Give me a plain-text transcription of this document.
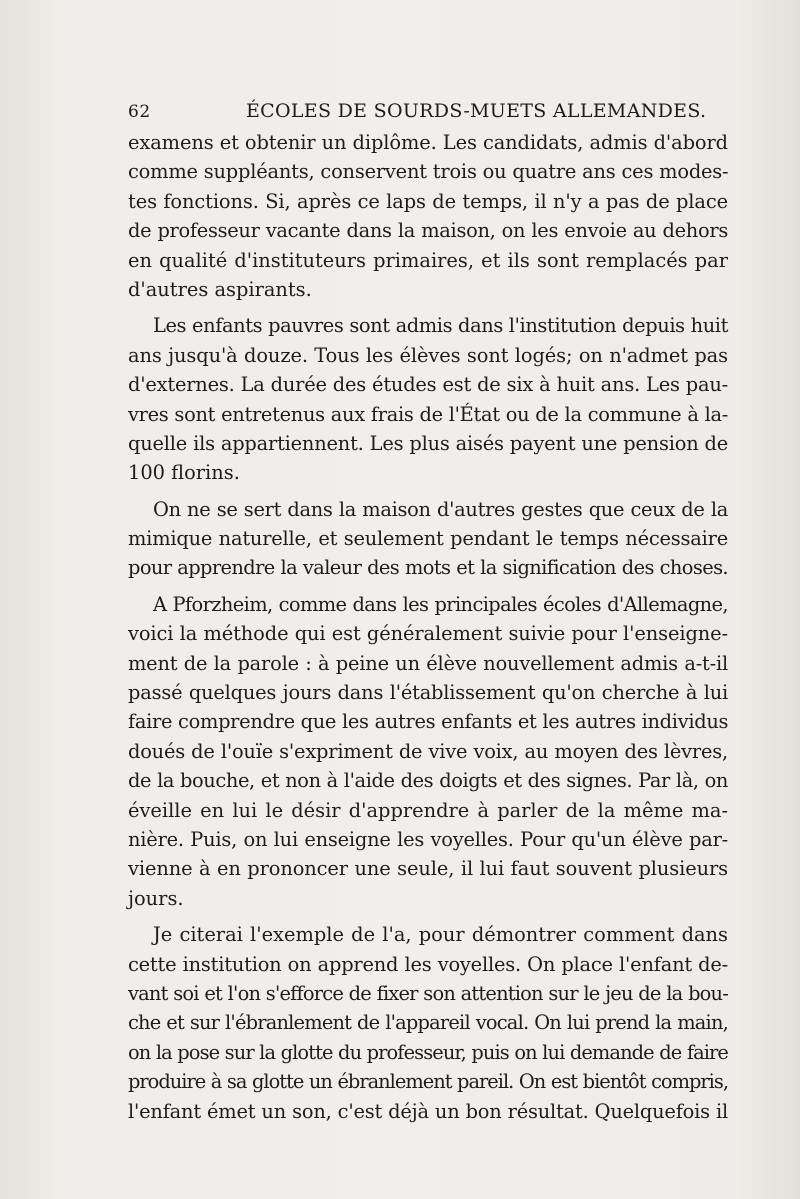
62	ÉCOLES DE SOURDS-MUETS ALLEMANDES.

examens et obtenir un diplôme. Les candidats, admis d'abord
comme suppléants, conservent trois ou quatre ans ces modes-
tes fonctions. Si, après ce laps de temps, il n'y a pas de place
de professeur vacante dans la maison, on les envoie au dehors
en qualité d'instituteurs primaires, et ils sont remplacés par
d'autres aspirants.

Les enfants pauvres sont admis dans l'institution depuis huit
ans jusqu'à douze. Tous les élèves sont logés; on n'admet pas
d'externes. La durée des études est de six à huit ans. Les pau-
vres sont entretenus aux frais de l'État ou de la commune à la-
quelle ils appartiennent. Les plus aisés payent une pension de
100 florins.

On ne se sert dans la maison d'autres gestes que ceux de la
mimique naturelle, et seulement pendant le temps nécessaire
pour apprendre la valeur des mots et la signification des choses.

A Pforzheim, comme dans les principales écoles d'Allemagne,
voici la méthode qui est généralement suivie pour l'enseigne-
ment de la parole : à peine un élève nouvellement admis a-t-il
passé quelques jours dans l'établissement qu'on cherche à lui
faire comprendre que les autres enfants et les autres individus
doués de l'ouïe s'expriment de vive voix, au moyen des lèvres,
de la bouche, et non à l'aide des doigts et des signes. Par là, on
éveille en lui le désir d'apprendre à parler de la même ma-
nière. Puis, on lui enseigne les voyelles. Pour qu'un élève par-
vienne à en prononcer une seule, il lui faut souvent plusieurs
jours.

Je citerai l'exemple de l'a, pour démontrer comment dans
cette institution on apprend les voyelles. On place l'enfant de-
vant soi et l'on s'efforce de fixer son attention sur le jeu de la bou-
che et sur l'ébranlement de l'appareil vocal. On lui prend la main,
on la pose sur la glotte du professeur, puis on lui demande de faire
produire à sa glotte un ébranlement pareil. On est bientôt compris,
l'enfant émet un son, c'est déjà un bon résultat. Quelquefois il
